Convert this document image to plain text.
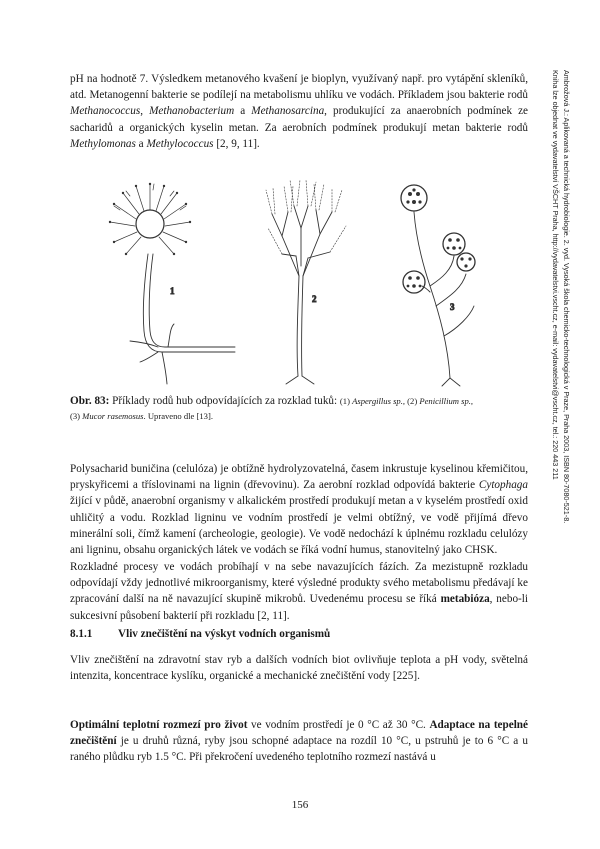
pH na hodnotě 7. Výsledkem metanového kvašení je bioplyn, využívaný např. pro vytápění skleníků, atd. Metanogenní bakterie se podílejí na metabolismu uhlíku ve vodách. Příkladem jsou bakterie rodů Methanococcus, Methanobacterium a Methanosarcina, produkující za anaerobních podmínek ze sacharidů a organických kyselin metan. Za aerobních podmínek produkují metan bakterie rodů Methylomonas a Methylococcus [2, 9, 11].

1
2
3
Obr. 83: Příklady rodů hub odpovídajících za rozklad tuků: (1) Aspergillus sp., (2) Penicillium sp.,
(3) Mucor rasemosus. Upraveno dle [13].

Polysacharid buničina (celulóza) je obtížně hydrolyzovatelná, časem inkrustuje kyselinou křemičitou, pryskyřicemi a tříslovinami na lignin (dřevovinu). Za aerobní rozklad odpovídá bakterie Cytophaga žijící v půdě, anaerobní organismy v alkalickém prostředí produkují metan a v kyselém prostředí oxid uhličitý a vodu. Rozklad ligninu ve vodním prostředí je velmi obtížný, ve vodě přijímá dřevo minerální soli, čímž kamení (archeologie, geologie). Ve vodě nedochází k úplnému rozkladu celulózy ani ligninu, obsahu organických látek ve vodách se říká vodní humus, stanovitelný jako CHSK.

Rozkladné procesy ve vodách probíhají v na sebe navazujících fázích. Za mezistupně rozkladu odpovídají vždy jednotlivé mikroorganismy, které výsledné produkty svého metabolismu předávají ke zpracování další na ně navazující skupině mikrobů. Uvedenému procesu se říká metabióza, nebo-li sukcesivní působení bakterií při rozkladu [2, 11].

8.1.1 Vliv znečištění na výskyt vodních organismů

Vliv znečištění na zdravotní stav ryb a dalších vodních biot ovlivňuje teplota a pH vody, světelná intenzita, koncentrace kyslíku, organické a mechanické znečištění vody [225].

Optimální teplotní rozmezí pro život ve vodním prostředí je 0 °C až 30 °C. Adaptace na tepelné znečištění je u druhů různá, ryby jsou schopné adaptace na rozdíl 10 °C, u pstruhů je to 6 °C a u raného plůdku ryb 1.5 °C. Při překročení uvedeného teplotního rozmezí nastává u

Ambrožová J.: Aplikovaná a technická hydrobiologie. 2. vyd. Vysoká škola chemicko-technologická v Praze, Praha 2003, ISBN 80-7080-521-8.
Kniha lze objednat ve vydavatelství VŠCHT Praha, http://vydavatelstvi.vscht.cz, e-mail: vydavatelstvi@vscht.cz, tel.: 220 443 211
156
